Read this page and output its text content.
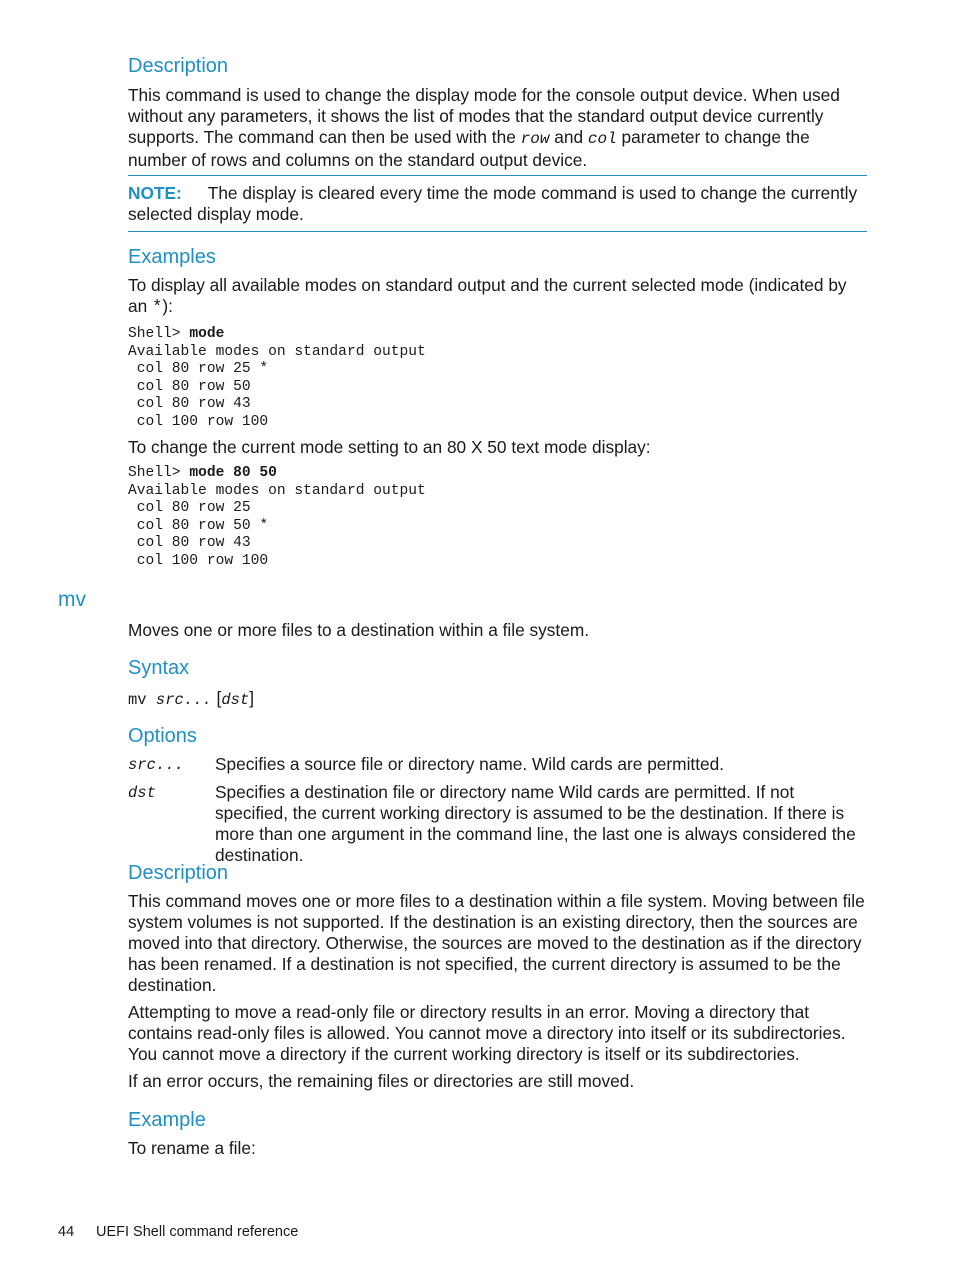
Description
This command is used to change the display mode for the console output device. When used without any parameters, it shows the list of modes that the standard output device currently supports. The command can then be used with the row and col parameter to change the number of rows and columns on the standard output device.
NOTE: The display is cleared every time the mode command is used to change the currently selected display mode.
Examples
To display all available modes on standard output and the current selected mode (indicated by an *):
Shell> mode
Available modes on standard output
col 80 row 25 *
col 80 row 50
col 80 row 43
col 100 row 100
To change the current mode setting to an 80 X 50 text mode display:
Shell> mode 80 50
Available modes on standard output
col 80 row 25
col 80 row 50 *
col 80 row 43
col 100 row 100
mv
Moves one or more files to a destination within a file system.
Syntax
mv src... [dst]
Options
src... Specifies a source file or directory name. Wild cards are permitted.
dst	Specifies a destination file or directory name Wild cards are permitted. If not specified, the current working directory is assumed to be the destination. If there is more than one argument in the command line, the last one is always considered the destination.
Description
This command moves one or more files to a destination within a file system. Moving between file system volumes is not supported. If the destination is an existing directory, then the sources are moved into that directory. Otherwise, the sources are moved to the destination as if the directory has been renamed. If a destination is not specified, the current directory is assumed to be the destination.
Attempting to move a read-only file or directory results in an error. Moving a directory that contains read-only files is allowed. You cannot move a directory into itself or its subdirectories. You cannot move a directory if the current working directory is itself or its subdirectories.
If an error occurs, the remaining files or directories are still moved.
Example
To rename a file:
44 UEFI Shell command reference
